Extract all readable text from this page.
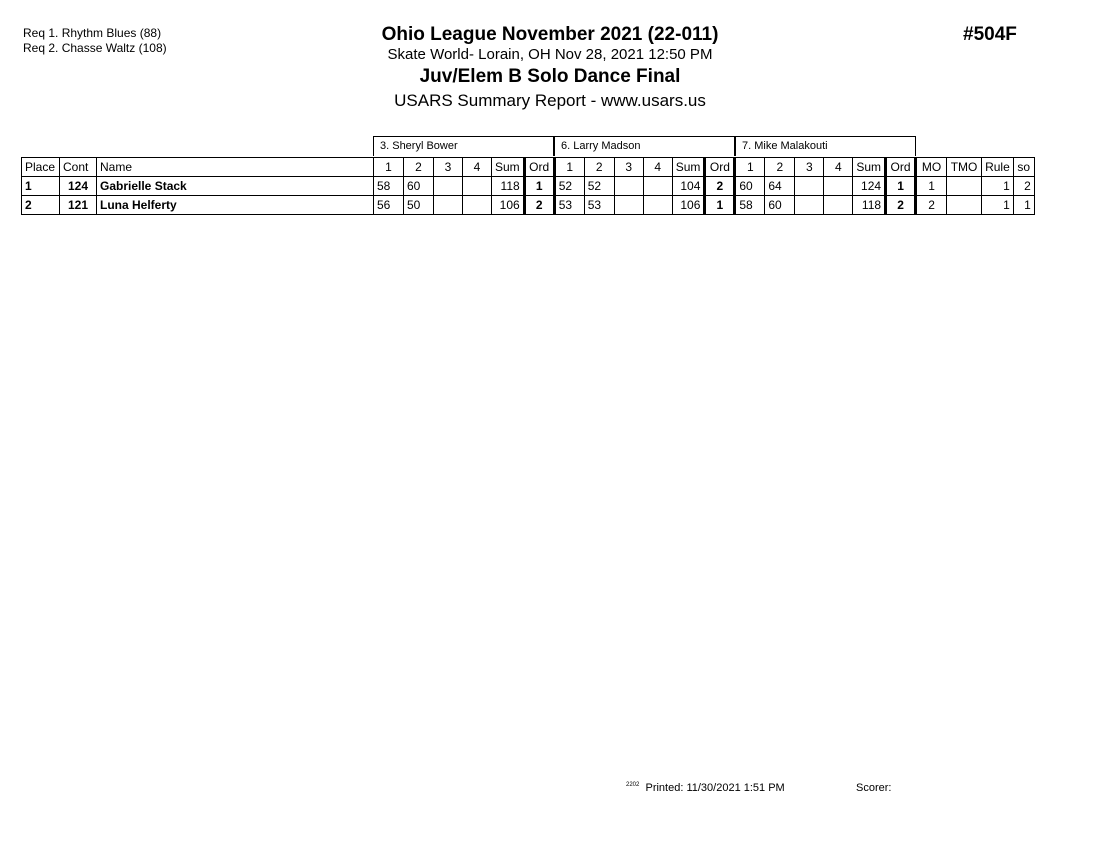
Req 1. Rhythm Blues (88)
Req 2. Chasse Waltz (108)
Ohio League November 2021 (22-011)
Skate World- Lorain, OH Nov 28, 2021 12:50 PM
Juv/Elem B Solo Dance Final
USARS Summary Report - www.usars.us
#504F
3. Sheryl Bower	6. Larry Madson	7. Mike Malakouti
Place	Cont	Name	1	2	3	4	Sum	Ord	1	2	3	4	Sum	Ord	1	2	3	4	Sum	Ord	MO	TMO	Rule	so
1	124	Gabrielle Stack	58	60			118	1	52	52			104	2	60	64			124	1	1		1	2
2	121	Luna Helferty	56	50			106	2	53	53			106	1	58	60			118	2	2		1	1
$^{2202}$ Printed: 11/30/2021 1:51 PM	Scorer:
